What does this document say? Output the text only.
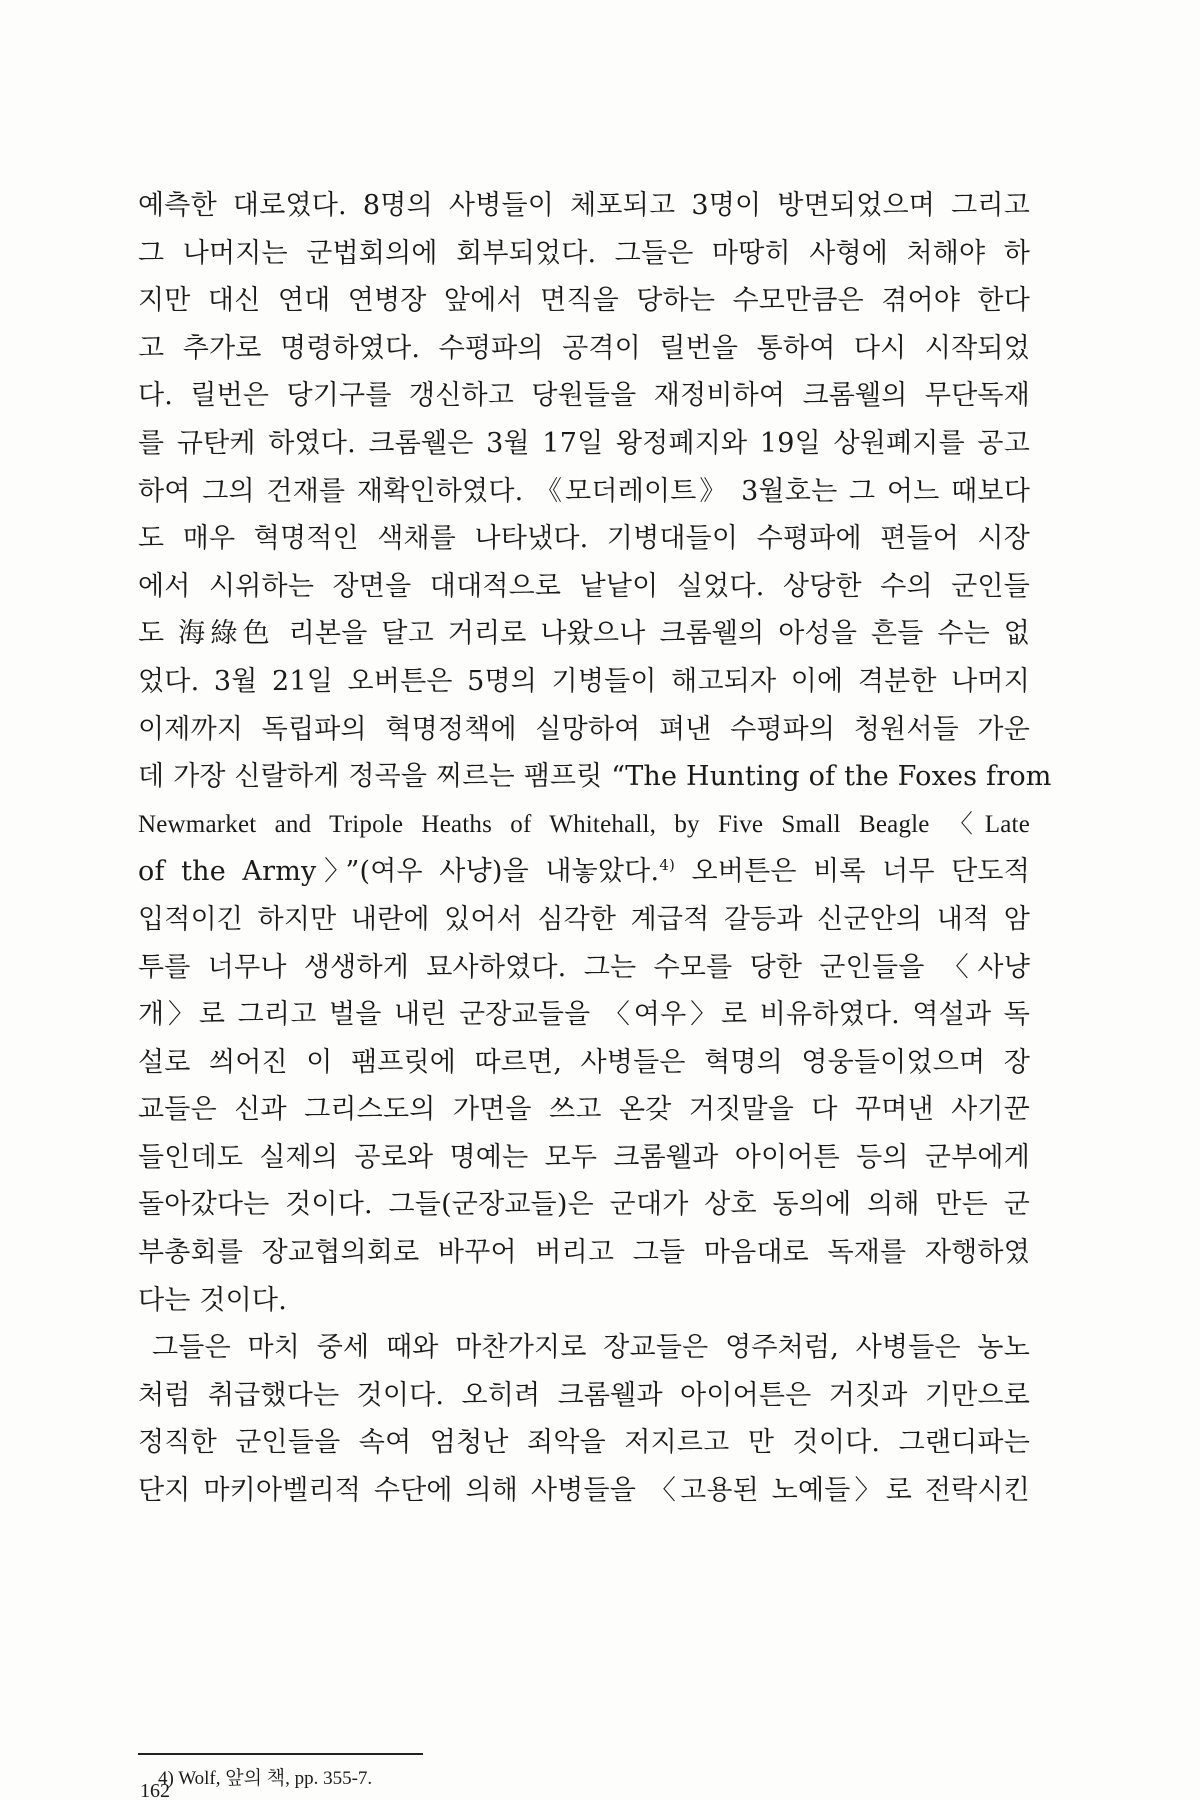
예측한 대로였다. 8명의 사병들이 체포되고 3명이 방면되었으며 그리고
그 나머지는 군법회의에 회부되었다. 그들은 마땅히 사형에 처해야 하
지만 대신 연대 연병장 앞에서 면직을 당하는 수모만큼은 겪어야 한다
고 추가로 명령하였다. 수평파의 공격이 릴번을 통하여 다시 시작되었
다. 릴번은 당기구를 갱신하고 당원들을 재정비하여 크롬웰의 무단독재
를 규탄케 하였다. 크롬웰은 3월 17일 왕정폐지와 19일 상원폐지를 공고
하여 그의 건재를 재확인하였다. 《모더레이트》 3월호는 그 어느 때보다
도 매우 혁명적인 색채를 나타냈다. 기병대들이 수평파에 편들어 시장
에서 시위하는 장면을 대대적으로 낱낱이 실었다. 상당한 수의 군인들
도 海綠色 리본을 달고 거리로 나왔으나 크롬웰의 아성을 흔들 수는 없
었다. 3월 21일 오버튼은 5명의 기병들이 해고되자 이에 격분한 나머지
이제까지 독립파의 혁명정책에 실망하여 펴낸 수평파의 청원서들 가운
데 가장 신랄하게 정곡을 찌르는 팸프릿 “The Hunting of the Foxes from
Newmarket and Tripole Heaths of Whitehall, by Five Small Beagle 〈Late
of the Army〉”(여우 사냥)을 내놓았다.$^{4)}$ 오버튼은 비록 너무 단도적
입적이긴 하지만 내란에 있어서 심각한 계급적 갈등과 신군안의 내적 암
투를 너무나 생생하게 묘사하였다. 그는 수모를 당한 군인들을 〈사냥
개〉로 그리고 벌을 내린 군장교들을 〈여우〉로 비유하였다. 역설과 독
설로 씌어진 이 팸프릿에 따르면, 사병들은 혁명의 영웅들이었으며 장
교들은 신과 그리스도의 가면을 쓰고 온갖 거짓말을 다 꾸며낸 사기꾼
들인데도 실제의 공로와 명예는 모두 크롬웰과 아이어튼 등의 군부에게
돌아갔다는 것이다. 그들(군장교들)은 군대가 상호 동의에 의해 만든 군
부총회를 장교협의회로 바꾸어 버리고 그들 마음대로 독재를 자행하였
다는 것이다.
그들은 마치 중세 때와 마찬가지로 장교들은 영주처럼, 사병들은 농노
처럼 취급했다는 것이다. 오히려 크롬웰과 아이어튼은 거짓과 기만으로
정직한 군인들을 속여 엄청난 죄악을 저지르고 만 것이다. 그랜디파는
단지 마키아벨리적 수단에 의해 사병들을 〈고용된 노예들〉로 전락시킨
4) Wolf, 앞의 책, pp. 355-7.
162
